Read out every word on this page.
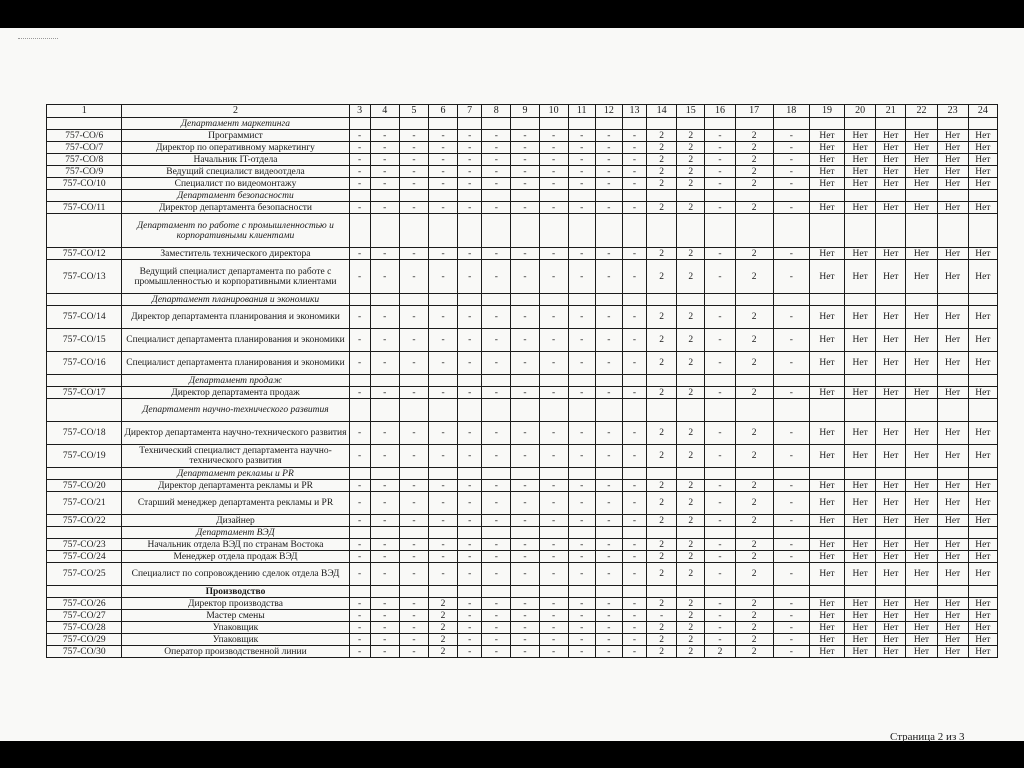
1	2	3	4	5	6	7	8	9	10	11	12	13	14	15	16	17	18	19	20	21	22	23	24
	Департамент маркетинга																						
757-СО/6	Программист	-	-	-	-	-	-	-	-	-	-	-	2	2	-	2	-	Нет	Нет	Нет	Нет	Нет	Нет
757-СО/7	Директор по оперативному маркетингу	-	-	-	-	-	-	-	-	-	-	-	2	2	-	2	-	Нет	Нет	Нет	Нет	Нет	Нет
757-СО/8	Начальник IT-отдела	-	-	-	-	-	-	-	-	-	-	-	2	2	-	2	-	Нет	Нет	Нет	Нет	Нет	Нет
757-СО/9	Ведущий специалист видеоотдела	-	-	-	-	-	-	-	-	-	-	-	2	2	-	2	-	Нет	Нет	Нет	Нет	Нет	Нет
757-СО/10	Специалист по видеомонтажу	-	-	-	-	-	-	-	-	-	-	-	2	2	-	2	-	Нет	Нет	Нет	Нет	Нет	Нет
	Департамент безопасности																						
757-СО/11	Директор департамента безопасности	-	-	-	-	-	-	-	-	-	-	-	2	2	-	2	-	Нет	Нет	Нет	Нет	Нет	Нет
	Департамент по работе с промышленностью и корпоративными клиентами																						
757-СО/12	Заместитель технического директора	-	-	-	-	-	-	-	-	-	-	-	2	2	-	2	-	Нет	Нет	Нет	Нет	Нет	Нет
757-СО/13	Ведущий специалист департамента по работе с промышленностью и корпоративными клиентами	-	-	-	-	-	-	-	-	-	-	-	2	2	-	2	-	Нет	Нет	Нет	Нет	Нет	Нет
	Департамент планирования и экономики																						
757-СО/14	Директор департамента планирования и экономики	-	-	-	-	-	-	-	-	-	-	-	2	2	-	2	-	Нет	Нет	Нет	Нет	Нет	Нет
757-СО/15	Специалист департамента планирования и экономики	-	-	-	-	-	-	-	-	-	-	-	2	2	-	2	-	Нет	Нет	Нет	Нет	Нет	Нет
757-СО/16	Специалист департамента планирования и экономики	-	-	-	-	-	-	-	-	-	-	-	2	2	-	2	-	Нет	Нет	Нет	Нет	Нет	Нет
	Департамент продаж																						
757-СО/17	Директор департамента продаж	-	-	-	-	-	-	-	-	-	-	-	2	2	-	2	-	Нет	Нет	Нет	Нет	Нет	Нет
	Департамент научно-технического развития																						
757-СО/18	Директор департамента научно-технического развития	-	-	-	-	-	-	-	-	-	-	-	2	2	-	2	-	Нет	Нет	Нет	Нет	Нет	Нет
757-СО/19	Технический специалист департамента научно-технического развития	-	-	-	-	-	-	-	-	-	-	-	2	2	-	2	-	Нет	Нет	Нет	Нет	Нет	Нет
	Департамент рекламы и PR																						
757-СО/20	Директор департамента рекламы и PR	-	-	-	-	-	-	-	-	-	-	-	2	2	-	2	-	Нет	Нет	Нет	Нет	Нет	Нет
757-СО/21	Старший менеджер департамента рекламы и PR	-	-	-	-	-	-	-	-	-	-	-	2	2	-	2	-	Нет	Нет	Нет	Нет	Нет	Нет
757-СО/22	Дизайнер	-	-	-	-	-	-	-	-	-	-	-	2	2	-	2	-	Нет	Нет	Нет	Нет	Нет	Нет
	Департамент ВЭД																						
757-СО/23	Начальник отдела ВЭД по странам Востока	-	-	-	-	-	-	-	-	-	-	-	2	2	-	2	-	Нет	Нет	Нет	Нет	Нет	Нет
757-СО/24	Менеджер отдела продаж ВЭД	-	-	-	-	-	-	-	-	-	-	-	2	2	-	2	-	Нет	Нет	Нет	Нет	Нет	Нет
757-СО/25	Специалист по сопровождению сделок отдела ВЭД	-	-	-	-	-	-	-	-	-	-	-	2	2	-	2	-	Нет	Нет	Нет	Нет	Нет	Нет
	Производство																						
757-СО/26	Директор производства	-	-	-	2	-	-	-	-	-	-	-	2	2	-	2	-	Нет	Нет	Нет	Нет	Нет	Нет
757-СО/27	Мастер смены	-	-	-	2	-	-	-	-	-	-	-	-	2	-	2	-	Нет	Нет	Нет	Нет	Нет	Нет
757-СО/28	Упаковщик	-	-	-	2	-	-	-	-	-	-	-	2	2	-	2	-	Нет	Нет	Нет	Нет	Нет	Нет
757-СО/29	Упаковщик	-	-	-	2	-	-	-	-	-	-	-	2	2	-	2	-	Нет	Нет	Нет	Нет	Нет	Нет
757-СО/30	Оператор производственной линии	-	-	-	2	-	-	-	-	-	-	-	2	2	2	2	-	Нет	Нет	Нет	Нет	Нет	Нет
Страница 2 из 3
